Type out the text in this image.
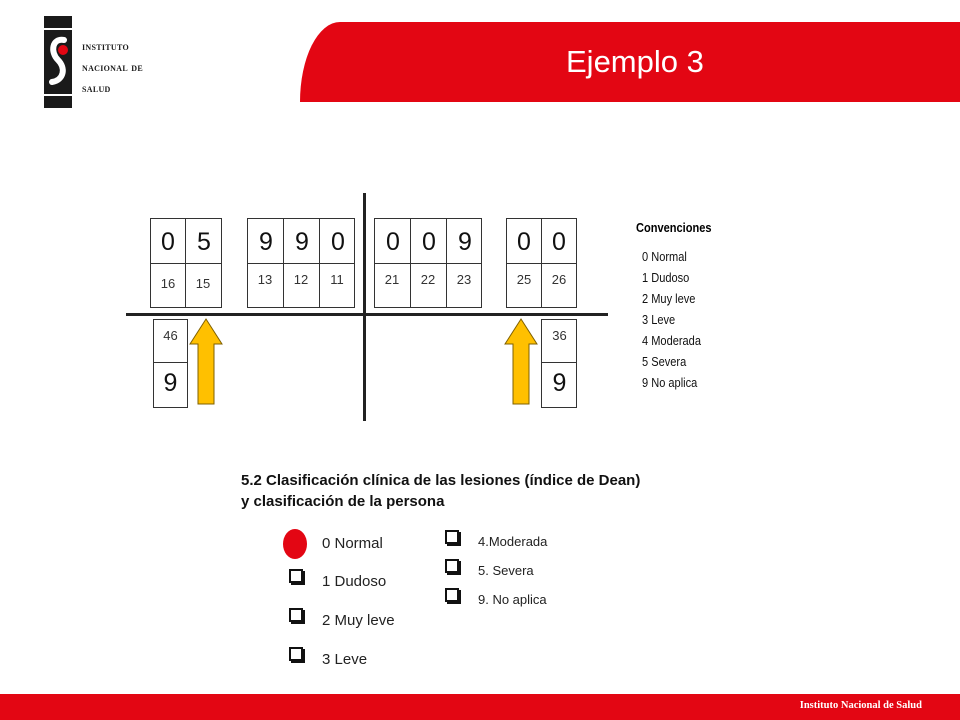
instituto
nacional de
salud
Ejemplo 3
0 5
16	15
9 9 0
13	12	11
0 0 9
21	22	23
0 0
25	26
46
9
36
9
Convenciones
0 Normal
1 Dudoso
2 Muy leve
3 Leve
4 Moderada
5 Severa
9 No aplica
5.2 Clasificación clínica de las lesiones (índice de Dean)
y clasificación de la persona
0 Normal
1 Dudoso
2 Muy leve
3 Leve
4.Moderada
5. Severa
9. No aplica
Instituto Nacional de Salud
